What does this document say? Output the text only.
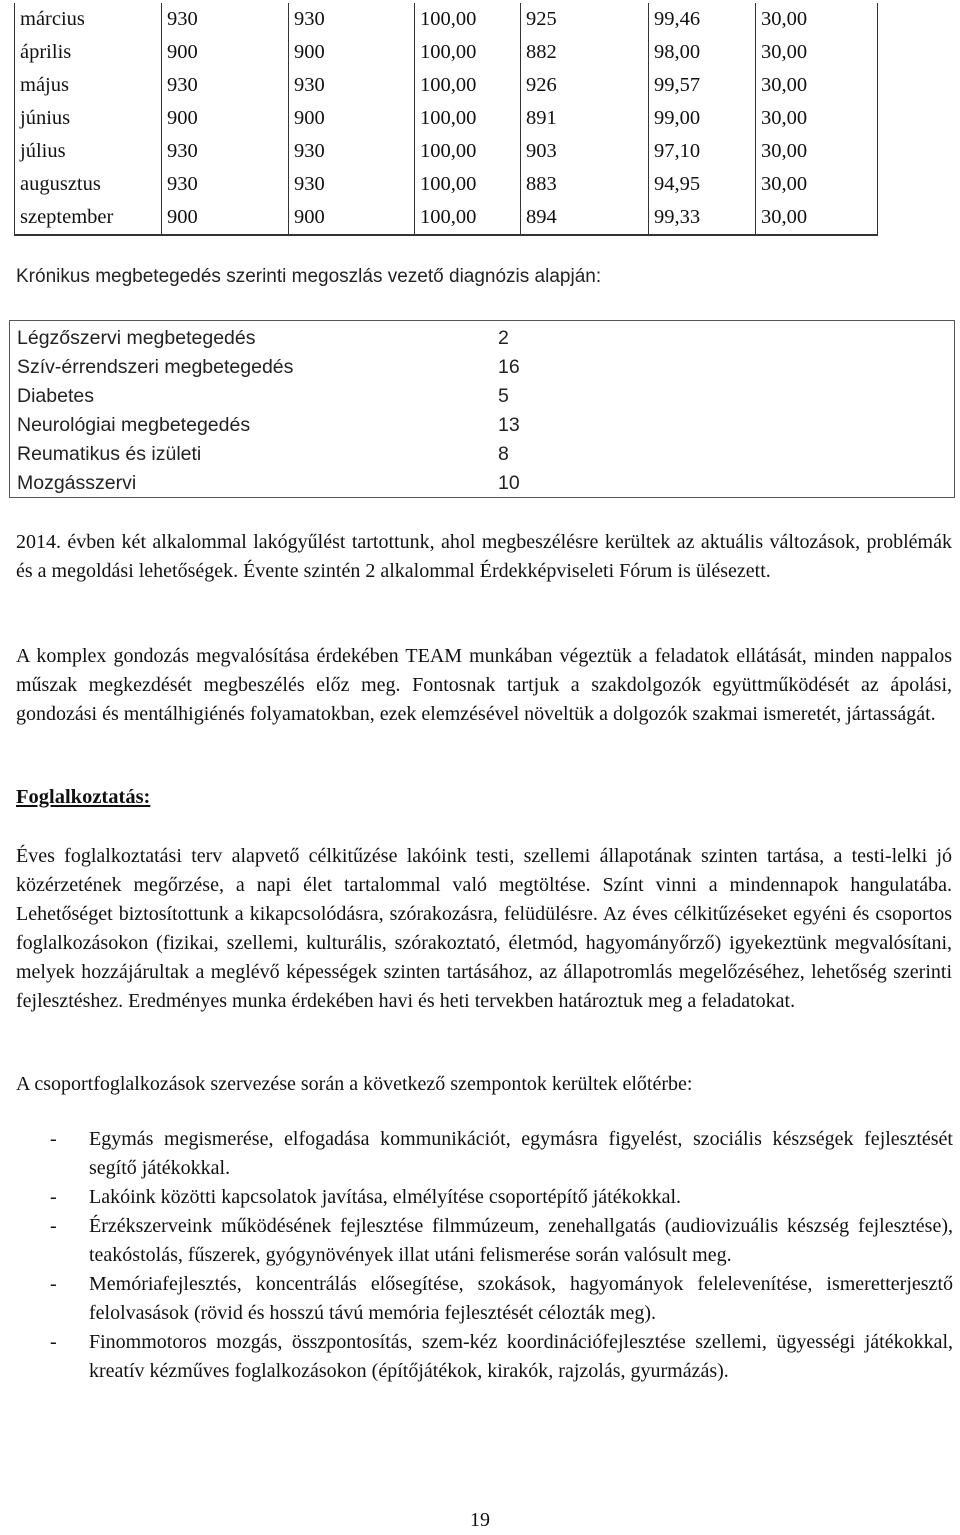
március	930	930	100,00	925	99,46	30,00
április	900	900	100,00	882	98,00	30,00
május	930	930	100,00	926	99,57	30,00
június	900	900	100,00	891	99,00	30,00
július	930	930	100,00	903	97,10	30,00
augusztus	930	930	100,00	883	94,95	30,00
szeptember	900	900	100,00	894	99,33	30,00
Krónikus megbetegedés szerinti megoszlás vezető diagnózis alapján:
Légzőszervi megbetegedés	2
Szív-érrendszeri megbetegedés	16
Diabetes	5
Neurológiai megbetegedés	13
Reumatikus és izületi	8
Mozgásszervi	10
2014. évben két alkalommal lakógyűlést tartottunk, ahol megbeszélésre kerültek az aktuális változások, problémák és a megoldási lehetőségek. Évente szintén 2 alkalommal Érdekképviseleti Fórum is ülésezett.
A komplex gondozás megvalósítása érdekében TEAM munkában végeztük a feladatok ellátását, minden nappalos műszak megkezdését megbeszélés előz meg. Fontosnak tartjuk a szakdolgozók együttműködését az ápolási, gondozási és mentálhigiénés folyamatokban, ezek elemzésével növeltük a dolgozók szakmai ismeretét, jártasságát.
Foglalkoztatás:
Éves foglalkoztatási terv alapvető célkitűzése lakóink testi, szellemi állapotának szinten tartása, a testi-lelki jó közérzetének megőrzése, a napi élet tartalommal való megtöltése. Színt vinni a mindennapok hangulatába. Lehetőséget biztosítottunk a kikapcsolódásra, szórakozásra, felüdülésre. Az éves célkitűzéseket egyéni és csoportos foglalkozásokon (fizikai, szellemi, kulturális, szórakoztató, életmód, hagyományőrző) igyekeztünk megvalósítani, melyek hozzájárultak a meglévő képességek szinten tartásához, az állapotromlás megelőzéséhez, lehetőség szerinti fejlesztéshez. Eredményes munka érdekében havi és heti tervekben határoztuk meg a feladatokat.
A csoportfoglalkozások szervezése során a következő szempontok kerültek előtérbe:
- Egymás megismerése, elfogadása kommunikációt, egymásra figyelést, szociális készségek fejlesztését segítő játékokkal.
- Lakóink közötti kapcsolatok javítása, elmélyítése csoportépítő játékokkal.
- Érzékszerveink működésének fejlesztése filmmúzeum, zenehallgatás (audiovizuális készség fejlesztése), teakóstolás, fűszerek, gyógynövények illat utáni felismerése során valósult meg.
- Memóriafejlesztés, koncentrálás elősegítése, szokások, hagyományok felelevenítése, ismeretterjesztő felolvasások (rövid és hosszú távú memória fejlesztését célozták meg).
- Finommotoros mozgás, összpontosítás, szem-kéz koordinációfejlesztése szellemi, ügyességi játékokkal, kreatív kézműves foglalkozásokon (építőjátékok, kirakók, rajzolás, gyurmázás).
19
